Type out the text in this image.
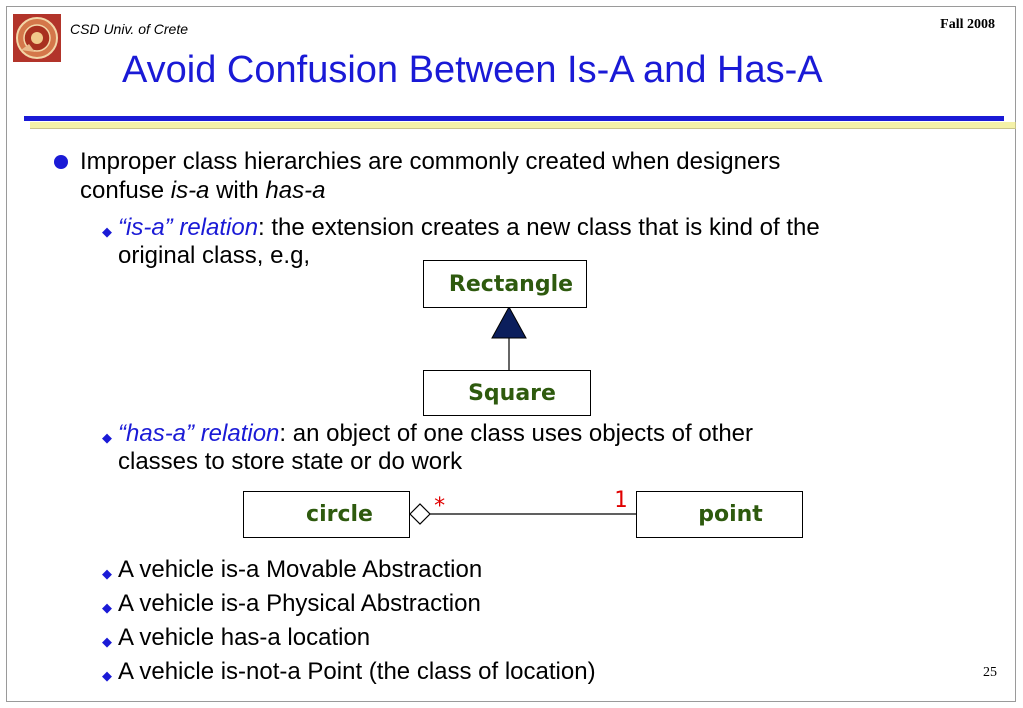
CSD Univ. of Crete	Fall 2008
Avoid Confusion Between Is-A and Has-A
Improper class hierarchies are commonly created when designers
confuse is-a with has-a
◆ “is-a” relation: the extension creates a new class that is kind of the
original class, e.g,
Rectangle
Square
◆ “has-a” relation: an object of one class uses objects of other
classes to store state or do work
circle	point
*	1
◆ A vehicle is-a Movable Abstraction
◆ A vehicle is-a Physical Abstraction
◆ A vehicle has-a location
◆ A vehicle is-not-a Point (the class of location)	25
